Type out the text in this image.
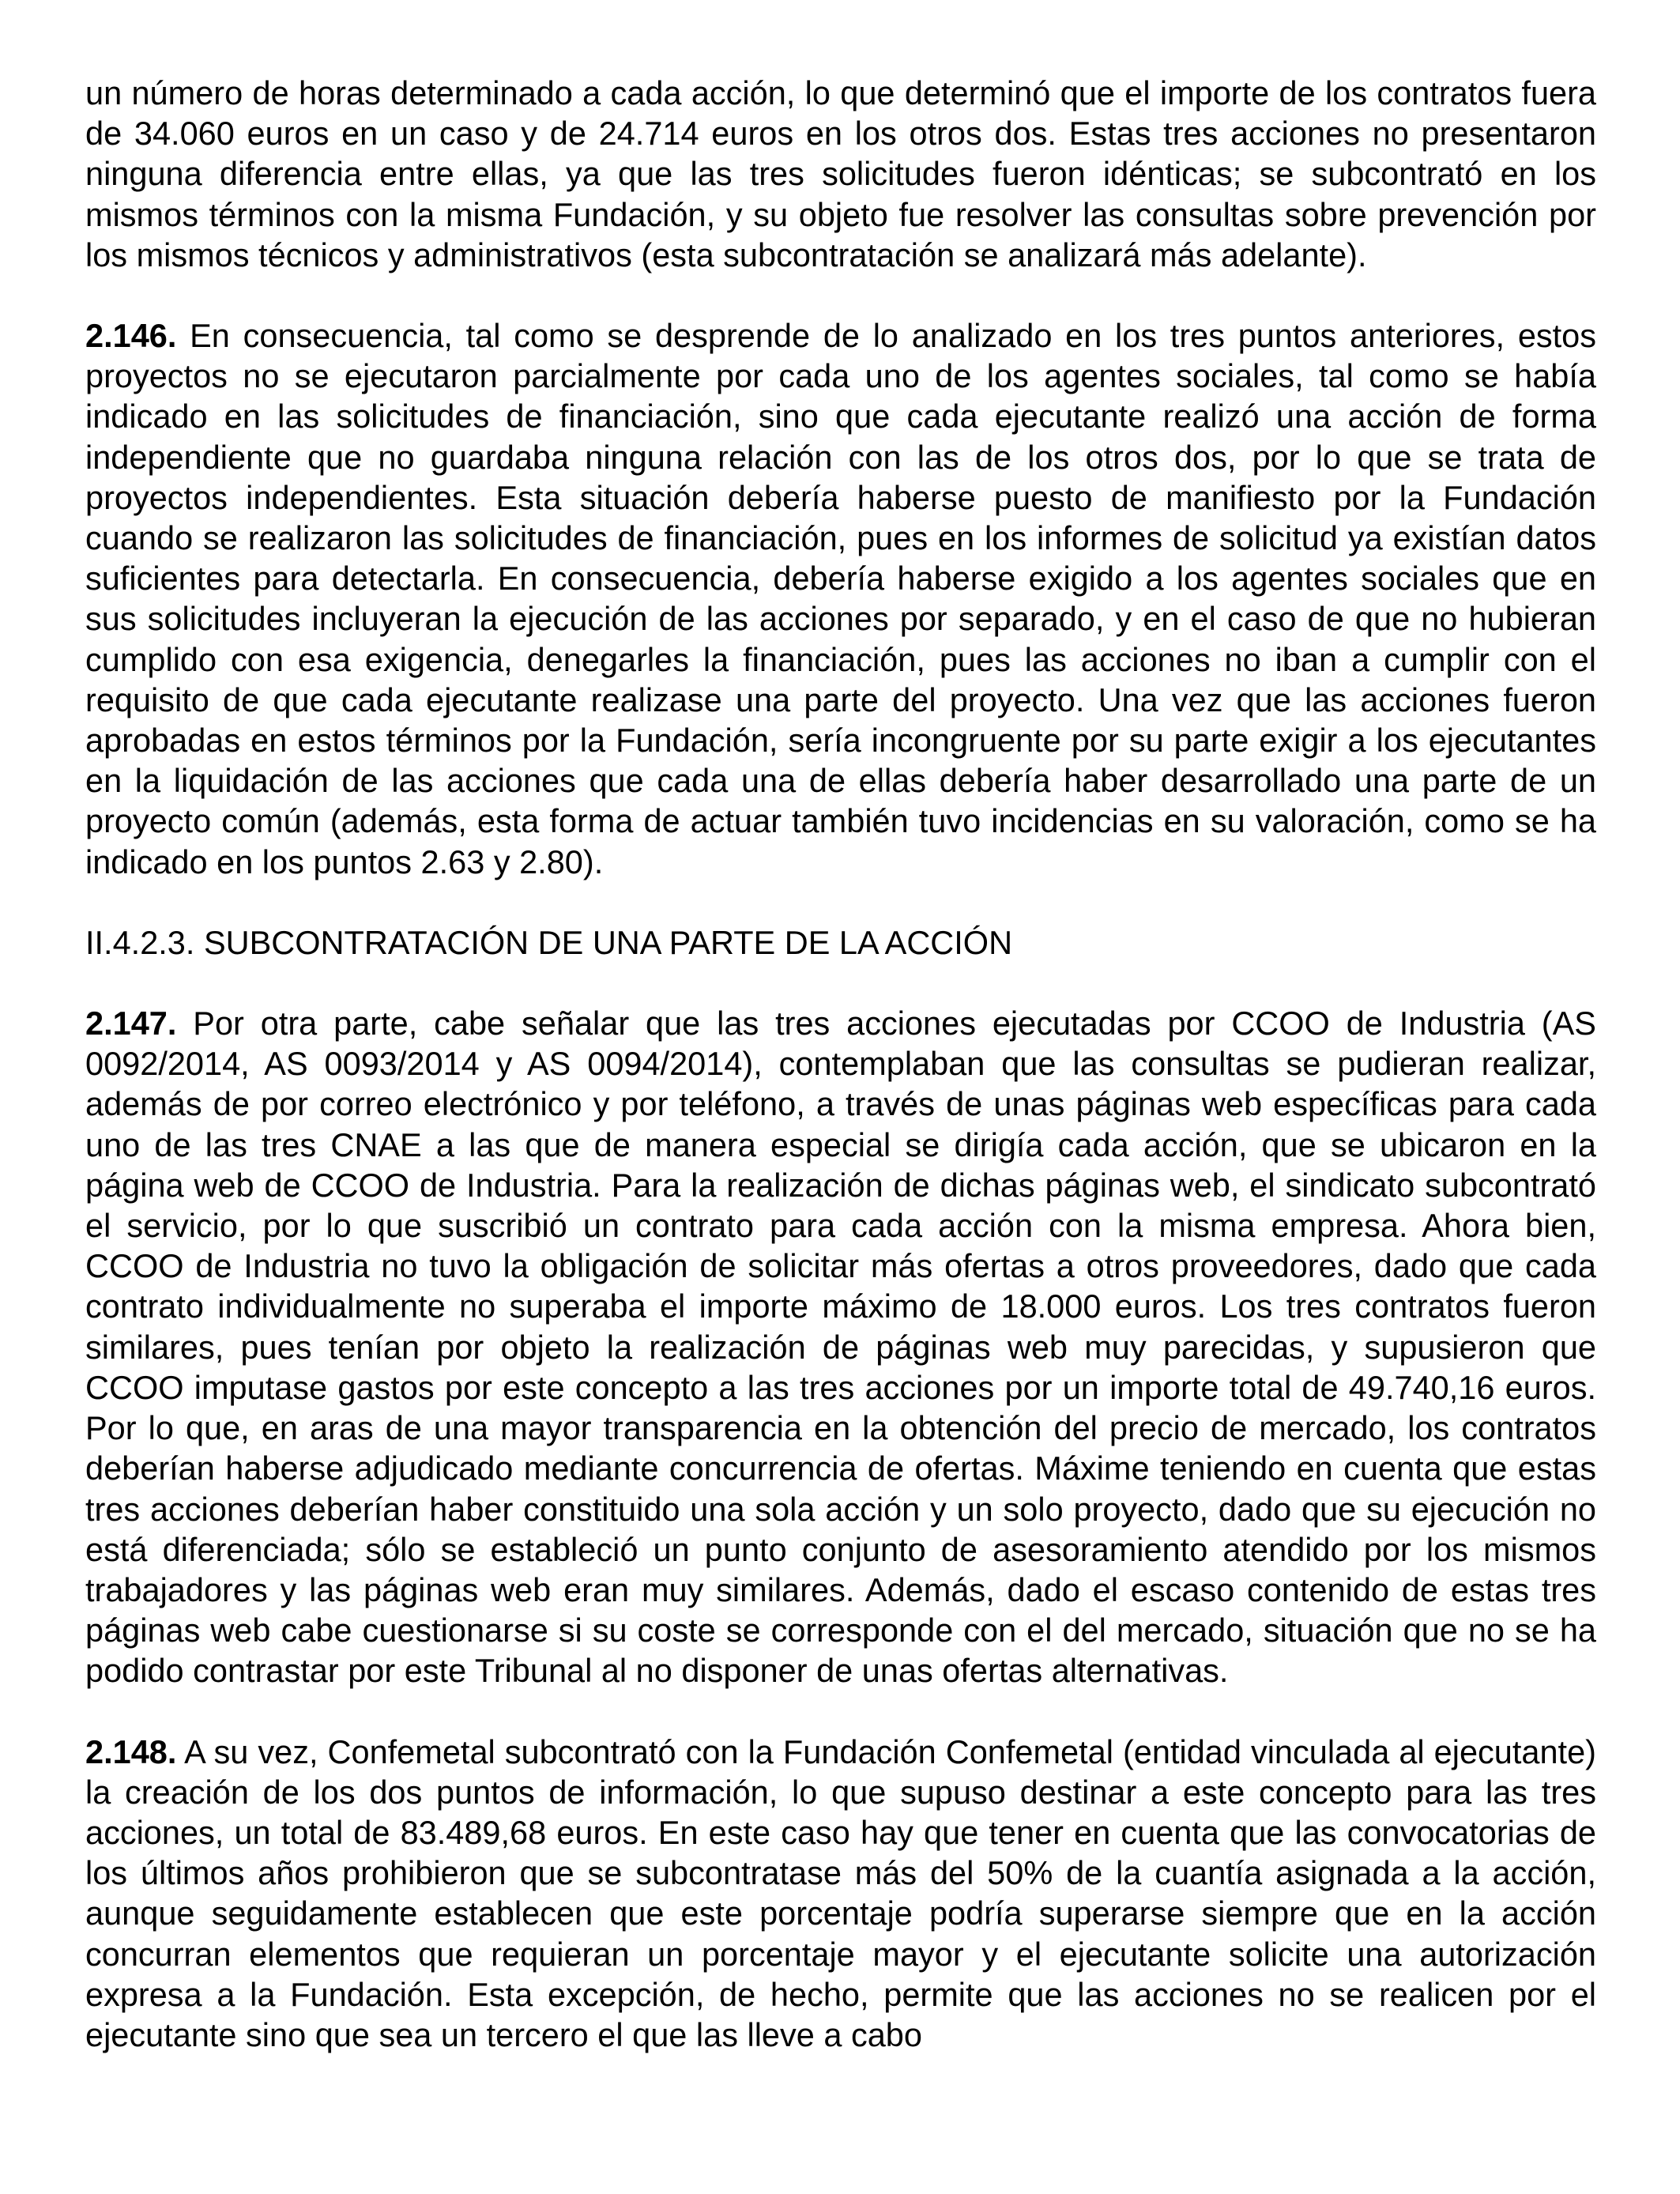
un número de horas determinado a cada acción, lo que determinó que el importe de los contratos fuera de 34.060 euros en un caso y de 24.714 euros en los otros dos. Estas tres acciones no presentaron ninguna diferencia entre ellas, ya que las tres solicitudes fueron idénticas; se subcontrató en los mismos términos con la misma Fundación, y su objeto fue resolver las consultas sobre prevención por los mismos técnicos y administrativos (esta subcontratación se analizará más adelante).

2.146. En consecuencia, tal como se desprende de lo analizado en los tres puntos anteriores, estos proyectos no se ejecutaron parcialmente por cada uno de los agentes sociales, tal como se había indicado en las solicitudes de financiación, sino que cada ejecutante realizó una acción de forma independiente que no guardaba ninguna relación con las de los otros dos, por lo que se trata de proyectos independientes. Esta situación debería haberse puesto de manifiesto por la Fundación cuando se realizaron las solicitudes de financiación, pues en los informes de solicitud ya existían datos suficientes para detectarla. En consecuencia, debería haberse exigido a los agentes sociales que en sus solicitudes incluyeran la ejecución de las acciones por separado, y en el caso de que no hubieran cumplido con esa exigencia, denegarles la financiación, pues las acciones no iban a cumplir con el requisito de que cada ejecutante realizase una parte del proyecto. Una vez que las acciones fueron aprobadas en estos términos por la Fundación, sería incongruente por su parte exigir a los ejecutantes en la liquidación de las acciones que cada una de ellas debería haber desarrollado una parte de un proyecto común (además, esta forma de actuar también tuvo incidencias en su valoración, como se ha indicado en los puntos 2.63 y 2.80).

II.4.2.3. SUBCONTRATACIÓN DE UNA PARTE DE LA ACCIÓN

2.147. Por otra parte, cabe señalar que las tres acciones ejecutadas por CCOO de Industria (AS 0092/2014, AS 0093/2014 y AS 0094/2014), contemplaban que las consultas se pudieran realizar, además de por correo electrónico y por teléfono, a través de unas páginas web específicas para cada uno de las tres CNAE a las que de manera especial se dirigía cada acción, que se ubicaron en la página web de CCOO de Industria. Para la realización de dichas páginas web, el sindicato subcontrató el servicio, por lo que suscribió un contrato para cada acción con la misma empresa. Ahora bien, CCOO de Industria no tuvo la obligación de solicitar más ofertas a otros proveedores, dado que cada contrato individualmente no superaba el importe máximo de 18.000 euros. Los tres contratos fueron similares, pues tenían por objeto la realización de páginas web muy parecidas, y supusieron que CCOO imputase gastos por este concepto a las tres acciones por un importe total de 49.740,16 euros. Por lo que, en aras de una mayor transparencia en la obtención del precio de mercado, los contratos deberían haberse adjudicado mediante concurrencia de ofertas. Máxime teniendo en cuenta que estas tres acciones deberían haber constituido una sola acción y un solo proyecto, dado que su ejecución no está diferenciada; sólo se estableció un punto conjunto de asesoramiento atendido por los mismos trabajadores y las páginas web eran muy similares. Además, dado el escaso contenido de estas tres páginas web cabe cuestionarse si su coste se corresponde con el del mercado, situación que no se ha podido contrastar por este Tribunal al no disponer de unas ofertas alternativas.

2.148. A su vez, Confemetal subcontrató con la Fundación Confemetal (entidad vinculada al ejecutante) la creación de los dos puntos de información, lo que supuso destinar a este concepto para las tres acciones, un total de 83.489,68 euros. En este caso hay que tener en cuenta que las convocatorias de los últimos años prohibieron que se subcontratase más del 50% de la cuantía asignada a la acción, aunque seguidamente establecen que este porcentaje podría superarse siempre que en la acción concurran elementos que requieran un porcentaje mayor y el ejecutante solicite una autorización expresa a la Fundación. Esta excepción, de hecho, permite que las acciones no se realicen por el ejecutante sino que sea un tercero el que las lleve a cabo
